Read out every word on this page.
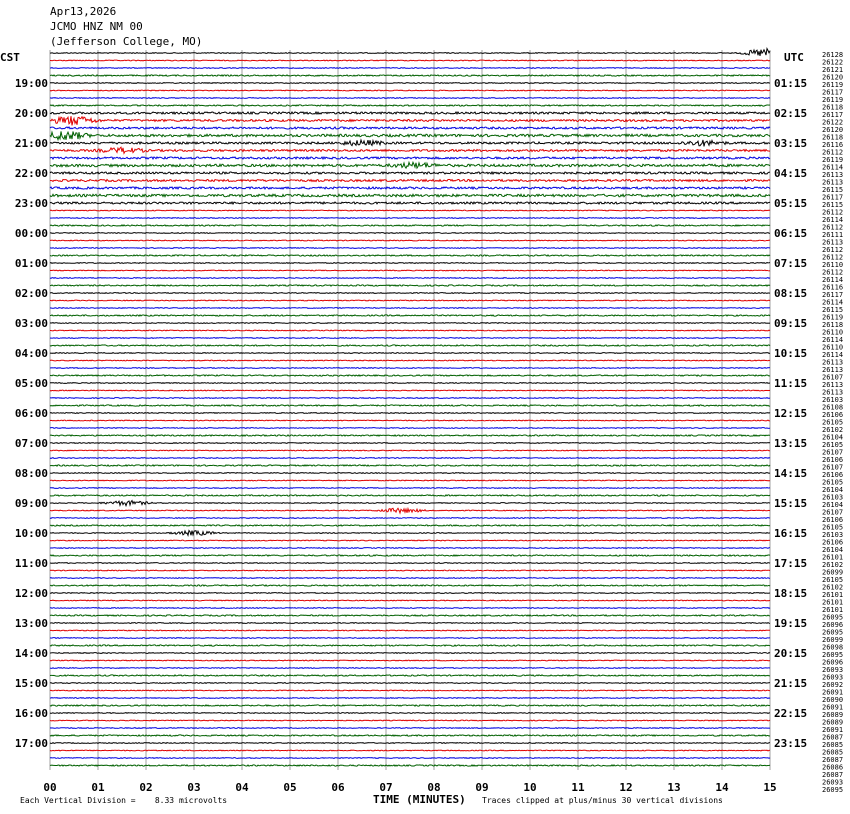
Apr13,2026
JCMO HNZ NM 00
(Jefferson College, MO)
19:00
20:00
21:00
22:00
23:00
00:00
01:00
02:00
03:00
04:00
05:00
06:00
07:00
08:00
09:00
10:00
11:00
12:00
13:00
14:00
15:00
16:00
17:00
01:15
02:15
03:15
04:15
05:15
06:15
07:15
08:15
09:15
10:15
11:15
12:15
13:15
14:15
15:15
16:15
17:15
18:15
19:15
20:15
21:15
22:15
23:15
26128
26122
26121
26120
26119
26117
26119
26118
26117
26122
26120
26118
26116
26112
26119
26114
26113
26113
26115
26117
26115
26112
26114
26112
26111
26113
26112
26112
26110
26112
26114
26116
26117
26114
26115
26119
26118
26110
26114
26110
26114
26113
26113
26107
26113
26113
26103
26108
26106
26105
26102
26104
26105
26107
26106
26107
26106
26105
26104
26103
26104
26107
26106
26105
26103
26106
26104
26101
26102
26099
26105
26102
26101
26101
26101
26095
26096
26095
26099
26098
26095
26096
26093
26093
26092
26091
26090
26091
26089
26089
26091
26087
26085
26085
26087
26086
26087
26093
26095
00	01	02	03	04	05	06	07	08	09	10	11	12	13	14	15
CST	UTC
TIME (MINUTES)
Each Vertical Division =    8.33 microvolts	Traces clipped at plus/minus 30 vertical divisions
